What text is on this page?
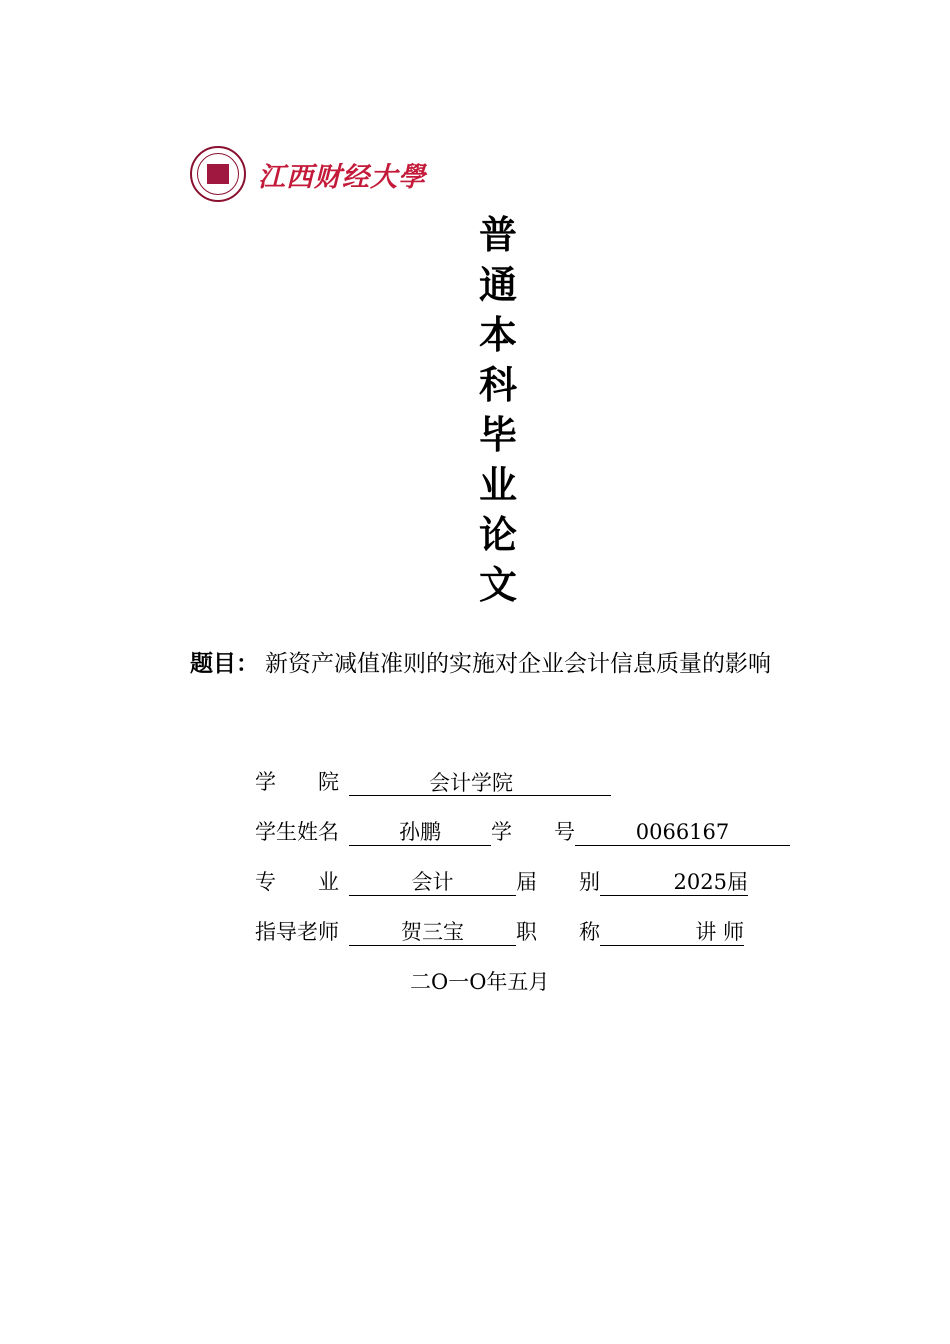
江西财经大學
普
通
本
科
毕
业
论
文
题目： 新资产减值准则的实施对企业会计信息质量的影响
学　　院	会计学院
学生姓名	孙鹏	学　　号	0066167
专　　业	会计	届　　别	2025 届
指导老师	贺三宝	职　　称	讲 师
二O一O年五月
